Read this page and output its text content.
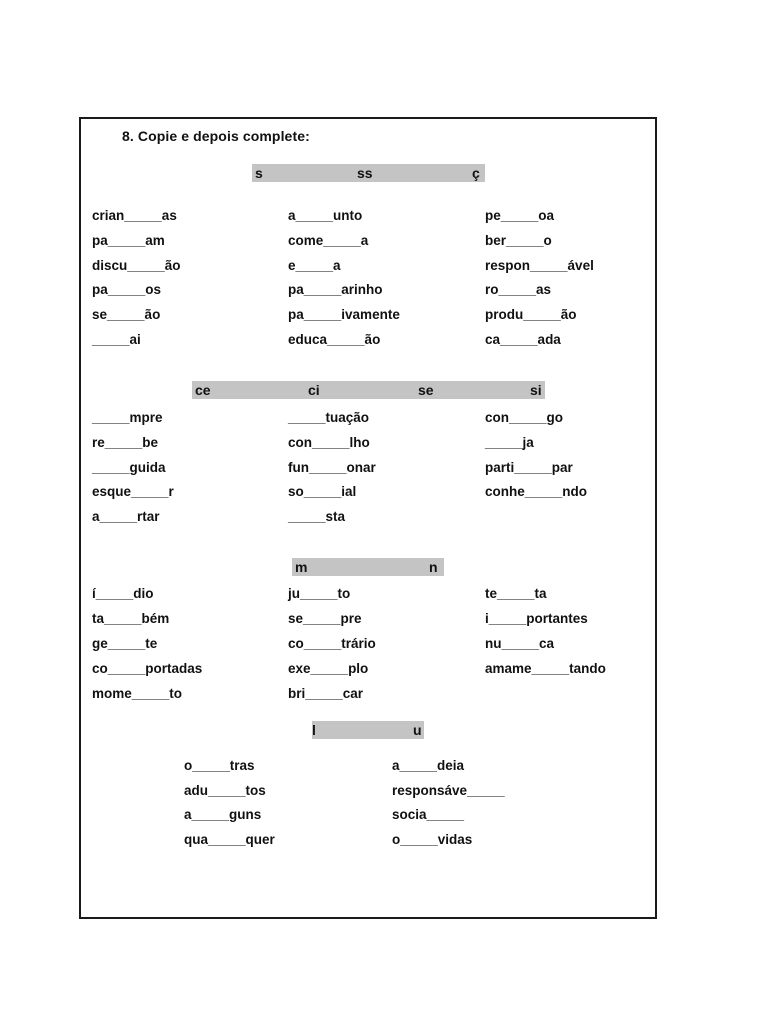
8. Copie e depois complete:
s	ss	ç
crian_____as	a_____unto	pe_____oa
pa_____am	come_____a	ber_____o
discu_____ão	e_____a	respon_____ável
pa_____os	pa_____arinho	ro_____as
se_____ão	pa_____ivamente	produ_____ão
_____ai	educa_____ão	ca_____ada
ce	ci	se	si
_____mpre	_____tuação	con_____go
re_____be	con_____lho	_____ja
_____guida	fun_____onar	parti_____par
esque_____r	so_____ial	conhe_____ndo
a_____rtar	_____sta
m	n
í_____dio	ju_____to	te_____ta
ta_____bém	se_____pre	i_____portantes
ge_____te	co_____trário	nu_____ca
co_____portadas	exe_____plo	amame_____tando
mome_____to	bri_____car
l	u
o_____tras	a_____deia
adu_____tos	responsáve_____
a_____guns	socia_____
qua_____quer	o_____vidas
